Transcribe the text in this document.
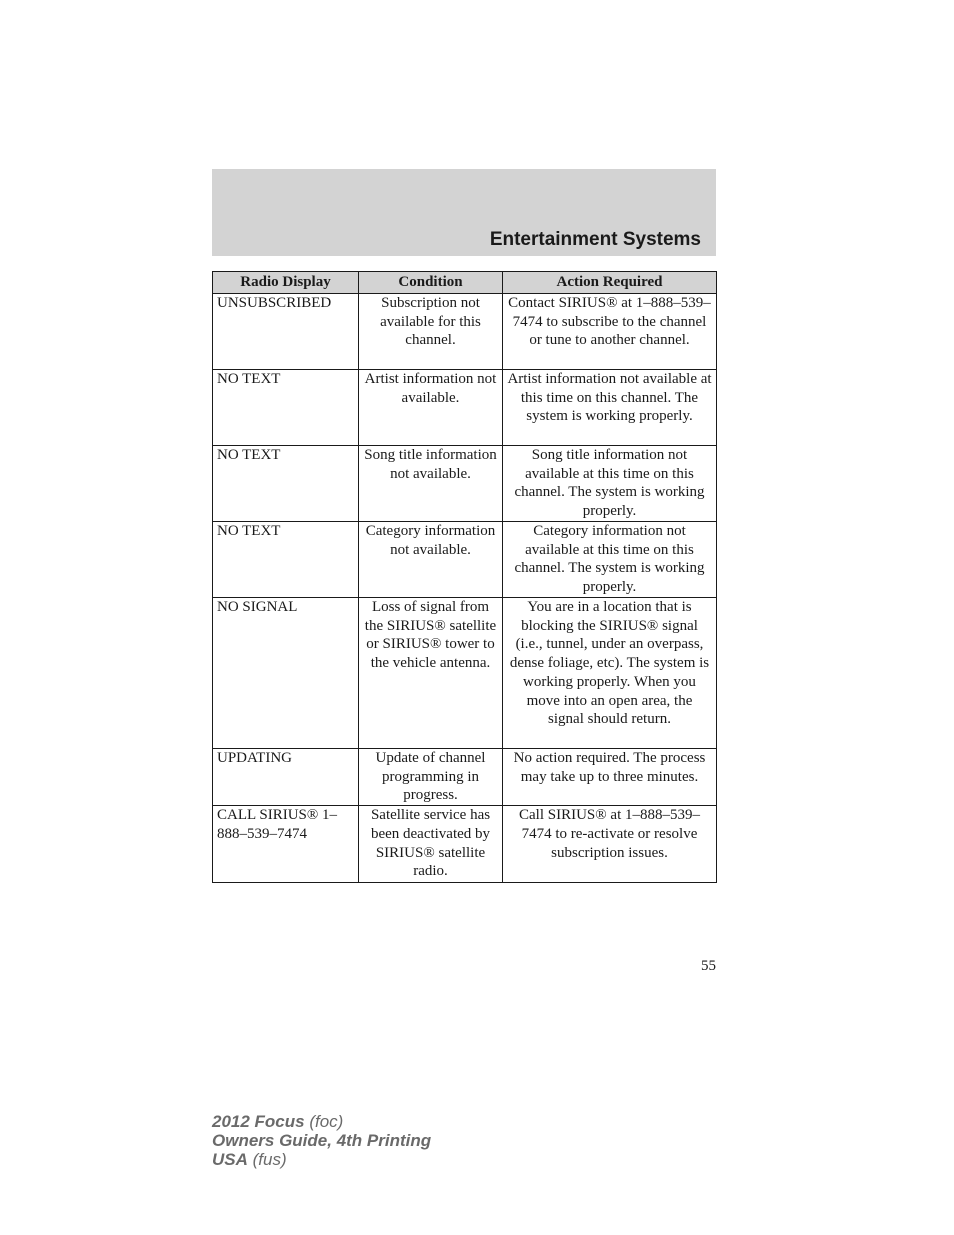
Entertainment Systems
Radio Display	Condition	Action Required
UNSUBSCRIBED	Subscription not available for this channel.	Contact SIRIUS® at 1–888–539–7474 to subscribe to the channel or tune to another channel.
NO TEXT	Artist information not available.	Artist information not available at this time on this channel. The system is working properly.
NO TEXT	Song title information not available.	Song title information not available at this time on this channel. The system is working properly.
NO TEXT	Category information not available.	Category information not available at this time on this channel. The system is working properly.
NO SIGNAL	Loss of signal from the SIRIUS® satellite or SIRIUS® tower to the vehicle antenna.	You are in a location that is blocking the SIRIUS® signal (i.e., tunnel, under an overpass, dense foliage, etc). The system is working properly. When you move into an open area, the signal should return.
UPDATING	Update of channel programming in progress.	No action required. The process may take up to three minutes.
CALL SIRIUS® 1–888–539–7474	Satellite service has been deactivated by SIRIUS® satellite radio.	Call SIRIUS® at 1–888–539–7474 to re-activate or resolve subscription issues.
55
2012 Focus (foc)
Owners Guide, 4th Printing
USA (fus)
